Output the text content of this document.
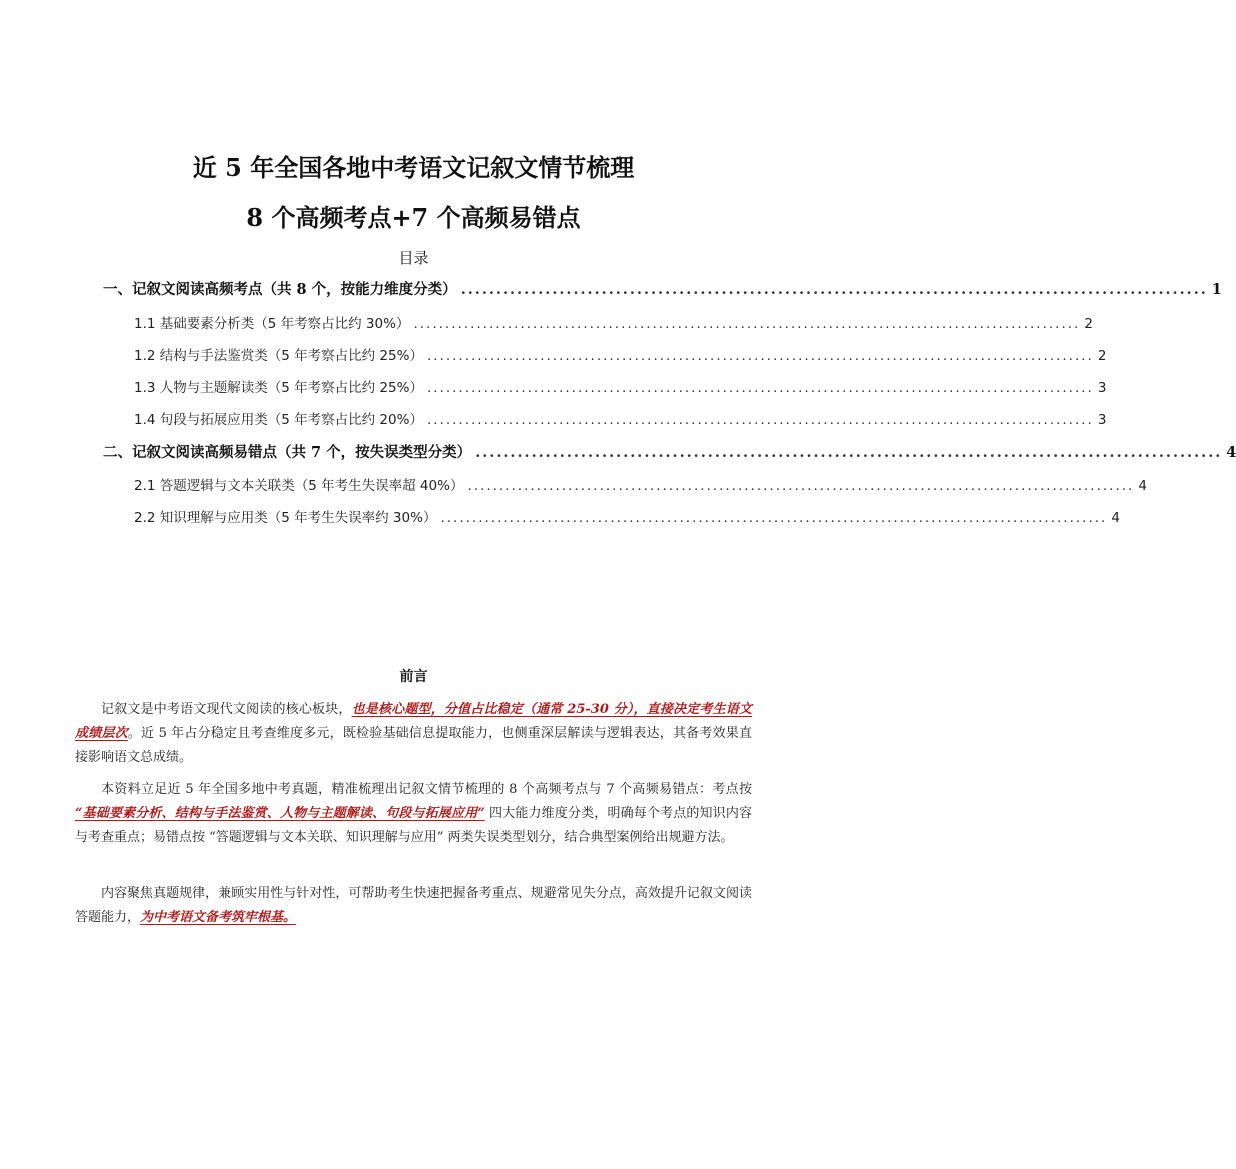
近 5 年全国各地中考语文记叙文情节梳理
8 个高频考点+7 个高频易错点
目录
一、记叙文阅读高频考点（共 8 个，按能力维度分类） .......................................................................................................... 1
1.1 基础要素分析类（5 年考察占比约 30%） .......................................................................................................... 2
1.2 结构与手法鉴赏类（5 年考察占比约 25%） .......................................................................................................... 2
1.3 人物与主题解读类（5 年考察占比约 25%） .......................................................................................................... 3
1.4 句段与拓展应用类（5 年考察占比约 20%） .......................................................................................................... 3
二、记叙文阅读高频易错点（共 7 个，按失误类型分类） .......................................................................................................... 4
2.1 答题逻辑与文本关联类（5 年考生失误率超 40%） .......................................................................................................... 4
2.2 知识理解与应用类（5 年考生失误率约 30%） .......................................................................................................... 4
前言

记叙文是中考语文现代文阅读的核心板块，也是核心题型，分值占比稳定（通常 25-30 分），直接决定考生语文成绩层次。近 5 年占分稳定且考查维度多元，既检验基础信息提取能力，也侧重深层解读与逻辑表达，其备考效果直接影响语文总成绩。

本资料立足近 5 年全国多地中考真题，精准梳理出记叙文情节梳理的 8 个高频考点与 7 个高频易错点：考点按 “基础要素分析、结构与手法鉴赏、人物与主题解读、句段与拓展应用” 四大能力维度分类，明确每个考点的知识内容与考查重点；易错点按 “答题逻辑与文本关联、知识理解与应用” 两类失误类型划分，结合典型案例给出规避方法。

内容聚焦真题规律，兼顾实用性与针对性，可帮助考生快速把握备考重点、规避常见失分点，高效提升记叙文阅读答题能力，为中考语文备考筑牢根基。
